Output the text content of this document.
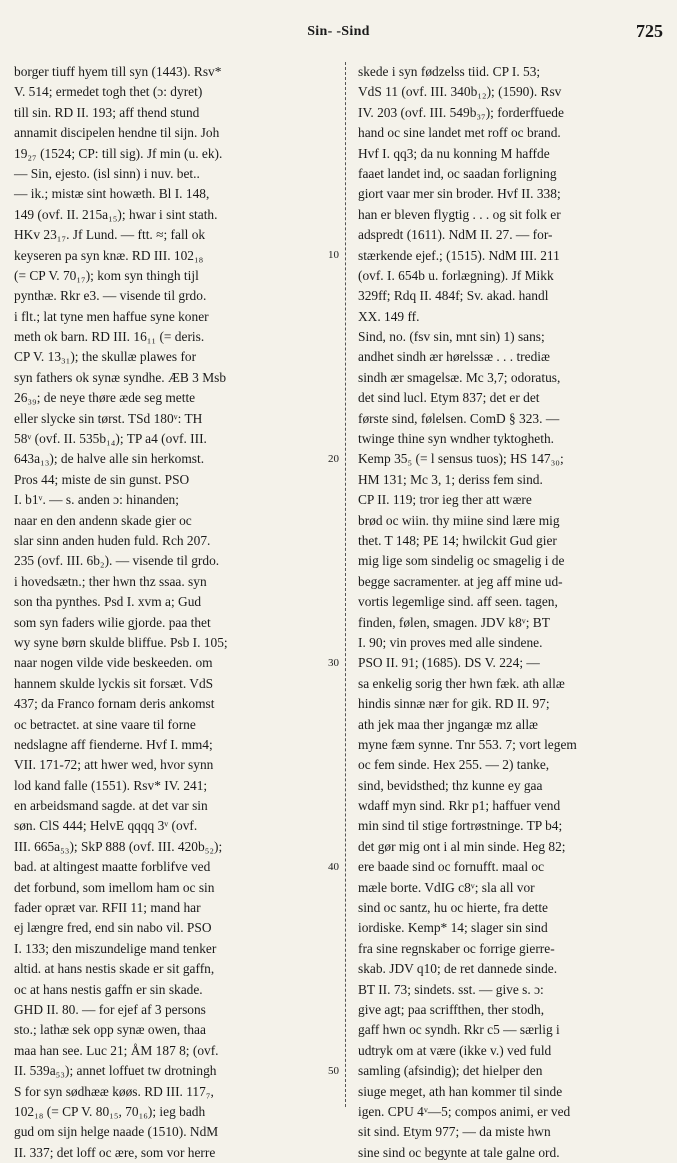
Sin- -Sind	725
borger tiuff hyem till syn (1443). Rsv*
V. 514; ermedet togh thet (ɔ: dyret)
till sin. RD II. 193; aff thend stund
annamit discipelen hendne til sijn. Joh
19₂₇ (1524; CP: till sig). Jf min (u. ek).
— Sin, ejesto. (isl sinn) i nuv. bet..
— ik.; mistæ sint howæth. Bl I. 148,
149 (ovf. II. 215a₁₅); hwar i sint stath.
HKv 23₁₇. Jf Lund. — ftt. ≈; fall ok
keyseren pa syn knæ. RD III. 102₁₈
(= CP V. 70₁₇); kom syn thingh tijl
pynthæ. Rkr e3. — visende til grdo.
i flt.; lat tyne men haffue syne koner
meth ok barn. RD III. 16₁₁ (= deris.
CP V. 13₃₁); the skullæ plawes for
syn fathers ok synæ syndhe. ÆB 3 Msb
26₃₉; de neye thøre æde seg mette
eller slycke sin tørst. TSd 180ᵛ: TH
58ᵛ (ovf. II. 535b₁₄); TP a4 (ovf. III.
643a₁₃); de halve alle sin herkomst.
Pros 44; miste de sin gunst. PSO
I. b1ᵛ. — s. anden ɔ: hinanden;
naar en den andenn skade gier oc
slar sinn anden huden fuld. Rch 207.
235 (ovf. III. 6b₂). — visende til grdo.
i hovedsætn.; ther hwn thz ssaa. syn
son tha pynthes. Psd I. xvm a; Gud
som syn faders wilie gjorde. paa thet
wy syne børn skulde bliffue. Psb I. 105;
naar nogen vilde vide beskeeden. om
hannem skulde lyckis sit forsæt. VdS
437; da Franco fornam deris ankomst
oc betractet. at sine vaare til forne
nedslagne aff fienderne. Hvf I. mm4;
VII. 171-72; att hwer wed, hvor synn
lod kand falle (1551). Rsv* IV. 241;
en arbeidsmand sagde. at det var sin
søn. ClS 444; HelvE qqqq 3ᵛ (ovf.
III. 665a₅₃); SkP 888 (ovf. III. 420b₅₂);
bad. at altingest maatte forblifve ved
det forbund, som imellom ham oc sin
fader opræt var. RFII 11; mand har
ej længre fred, end sin nabo vil. PSO
I. 133; den miszundelige mand tenker
altid. at hans nestis skade er sit gaffn,
oc at hans nestis gaffn er sin skade.
GHD II. 80. — for ejef af 3 persons
sto.; lathæ sek opp synæ owen, thaa
maa han see. Luc 21; ÅM 187 8; (ovf.
II. 539a₅₃); annet loffuet tw drotningh
S for syn sødhææ køøs. RD III. 117₇,
102₁₈ (= CP V. 80₁₅, 70₁₆); ieg badh
gud om sijn helge naade (1510). NdM
II. 337; det loff oc ære, som vor herre
skede i syn fødzelss tiid. CP I. 53;
VdS 11 (ovf. III. 340b₁₂); (1590). Rsv
IV. 203 (ovf. III. 549b₃₇); forderffuede
hand oc sine landet met roff oc brand.
Hvf I. qq3; da nu konning M haffde
faaet landet ind, oc saadan forligning
giort vaar mer sin broder. Hvf II. 338;
han er bleven flygtig . . . og sit folk er
adspredt (1611). NdM II. 27. — for-
stærkende ejef.; (1515). NdM III. 211
(ovf. I. 654b u. forlægning). Jf Mikk
329ff; Rdq II. 484f; Sv. akad. handl
XX. 149 ff.
Sind, no. (fsv sin, mnt sin) 1) sans;
andhet sindh ær hørelssæ . . . trediæ
sindh ær smagelsæ. Mc 3,7; odoratus,
det sind lucl. Etym 837; det er det
første sind, følelsen. ComD § 323. —
twinge thine syn wndher tyktogheth.
Kemp 35₅ (= l sensus tuos); HS 147₃₀;
HM 131; Mc 3, 1; deriss fem sind.
CP II. 119; tror ieg ther att wære
brød oc wiin. thy miine sind lære mig
thet. T 148; PE 14; hwilckit Gud gier
mig lige som sindelig oc smagelig i de
begge sacramenter. at jeg aff mine ud-
vortis legemlige sind. aff seen. tagen,
finden, følen, smagen. JDV k8ᵛ; BT
I. 90; vin proves med alle sindene.
PSO II. 91; (1685). DS V. 224; —
sa enkelig sorig ther hwn fæk. ath allæ
hindis sinnæ nær for gik. RD II. 97;
ath jek maa ther jngangæ mz allæ
myne fæm synne. Tnr 553. 7; vort legem
oc fem sinde. Hex 255. — 2) tanke,
sind, bevidsthed; thz kunne ey gaa
wdaff myn sind. Rkr p1; haffuer vend
min sind til stige fortrøstninge. TP b4;
det gør mig ont i al min sinde. Heg 82;
ere baade sind oc fornufft. maal oc
mæle borte. VdIG c8ᵛ; sla all vor
sind oc santz, hu oc hierte, fra dette
iordiske. Kemp* 14; slager sin sind
fra sine regnskaber oc forrige gierre-
skab. JDV q10; de ret dannede sinde.
BT II. 73; sindets. sst. — give s. ɔ:
give agt; paa scriffthen, ther stodh,
gaff hwn oc syndh. Rkr c5 — særlig i
udtryk om at være (ikke v.) ved fuld
samling (afsindig); det hielper den
siuge meget, ath han kommer til sinde
igen. CPU 4ᵛ—5; compos animi, er ved
sit sind. Etym 977; — da miste hwn
sine sind oc begynte at tale galne ord.
10
20
30
40
50
